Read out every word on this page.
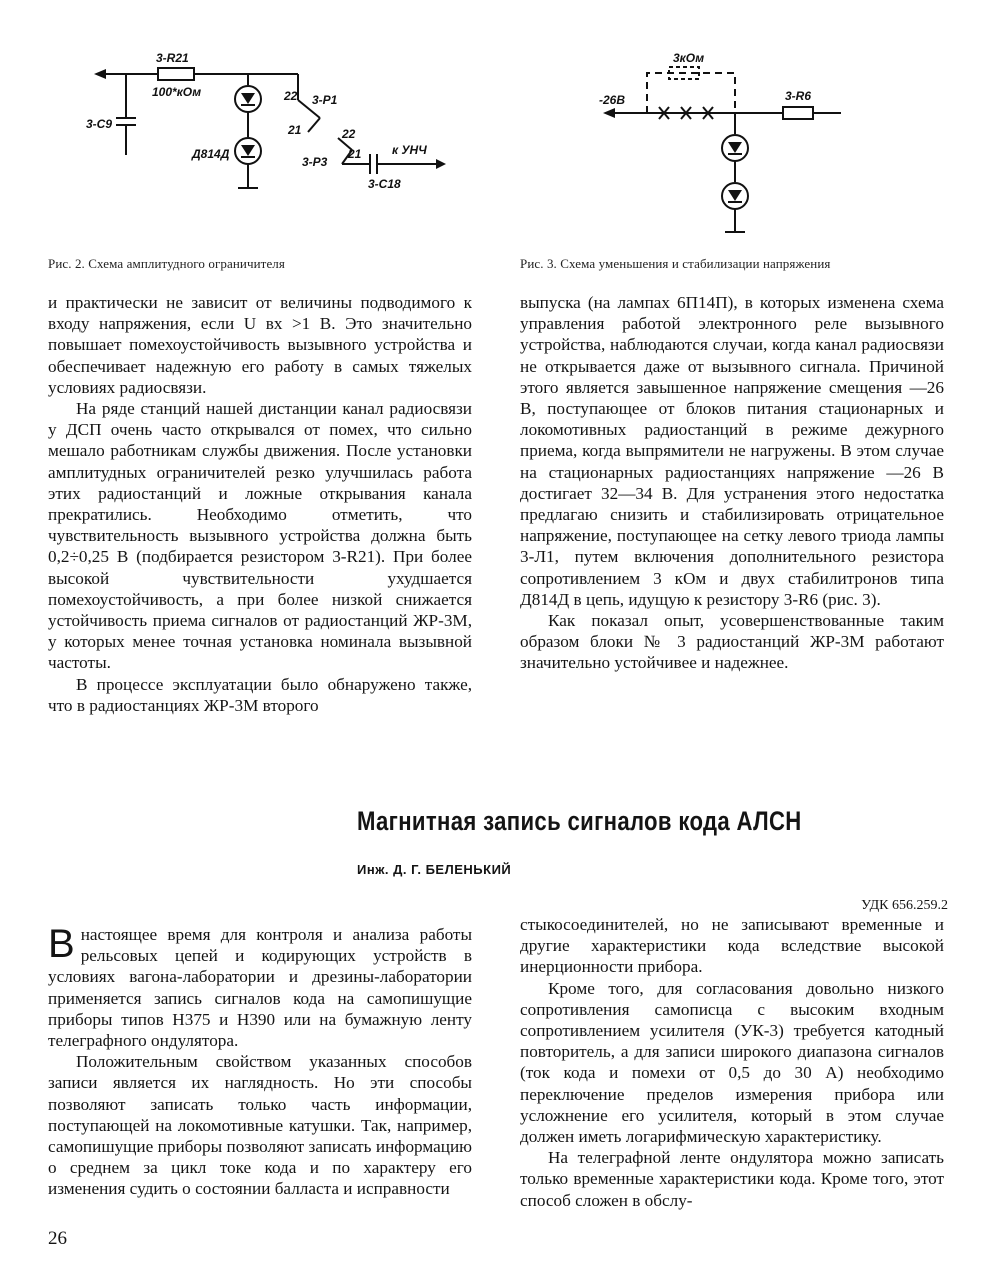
3-R21
100*кОм
3-C9
Д814Д
3-P1
22
21	22
21
3-P3
к УНЧ
3-C18
Рис. 2. Схема амплитудного ограничителя
3кОм
-26В	3-R6
Рис. 3. Схема уменьшения и стабилизации напряжения

и практически не зависит от величины подводимого к входу напряжения, если U вх >1 В. Это значительно повышает помехоустойчивость вызывного устройства и обеспечивает надежную его работу в самых тяжелых условиях радиосвязи.

На ряде станций нашей дистанции канал радиосвязи у ДСП очень часто открывался от помех, что сильно мешало работникам службы движения. После установки амплитудных ограничителей резко улучшилась работа этих радиостанций и ложные открывания канала прекратились. Необходимо отметить, что чувствительность вызывного устройства должна быть 0,2÷0,25 В (подбирается резистором 3-R21). При более высокой чувствительности ухудшается помехоустойчивость, а при более низкой снижается устойчивость приема сигналов от радиостанций ЖР-3М, у которых менее точная установка номинала вызывной частоты.

В процессе эксплуатации было обнаружено также, что в радиостанциях ЖР-3М второго

выпуска (на лампах 6П14П), в которых изменена схема управления работой электронного реле вызывного устройства, наблюдаются случаи, когда канал радиосвязи не открывается даже от вызывного сигнала. Причиной этого является завышенное напряжение смещения —26 В, поступающее от блоков питания стационарных и локомотивных радиостанций в режиме дежурного приема, когда выпрямители не нагружены. В этом случае на стационарных радиостанциях напряжение —26 В достигает 32—34 В. Для устранения этого недостатка предлагаю снизить и стабилизировать отрицательное напряжение, поступающее на сетку левого триода лампы 3-Л1, путем включения дополнительного резистора сопротивлением 3 кОм и двух стабилитронов типа Д814Д в цепь, идущую к резистору 3-R6 (рис. 3).

Как показал опыт, усовершенствованные таким образом блоки № 3 радиостанций ЖР-3М работают значительно устойчивее и надежнее.

Магнитная запись сигналов кода АЛСН
Инж. Д. Г. БЕЛЕНЬКИЙ
УДК 656.259.2

Внастоящее время для контроля и анализа работы рельсовых цепей и кодирующих устройств в условиях вагона-лаборатории и дрезины-лаборатории применяется запись сигналов кода на самопишущие приборы типов Н375 и Н390 или на бумажную ленту телеграфного ондулятора.

Положительным свойством указанных способов записи является их наглядность. Но эти способы позволяют записать только часть информации, поступающей на локомотивные катушки. Так, например, самопишущие приборы позволяют записать информацию о среднем за цикл токе кода и по характеру его изменения судить о состоянии балласта и исправности

стыкосоединителей, но не записывают временные и другие характеристики кода вследствие высокой инерционности прибора.

Кроме того, для согласования довольно низкого сопротивления самописца с высоким входным сопротивлением усилителя (УК-3) требуется катодный повторитель, а для записи широкого диапазона сигналов (ток кода и помехи от 0,5 до 30 А) необходимо переключение пределов измерения прибора или усложнение его усилителя, который в этом случае должен иметь логарифмическую характеристику.

На телеграфной ленте ондулятора можно записать только временные характеристики кода. Кроме того, этот способ сложен в обслу-

26
